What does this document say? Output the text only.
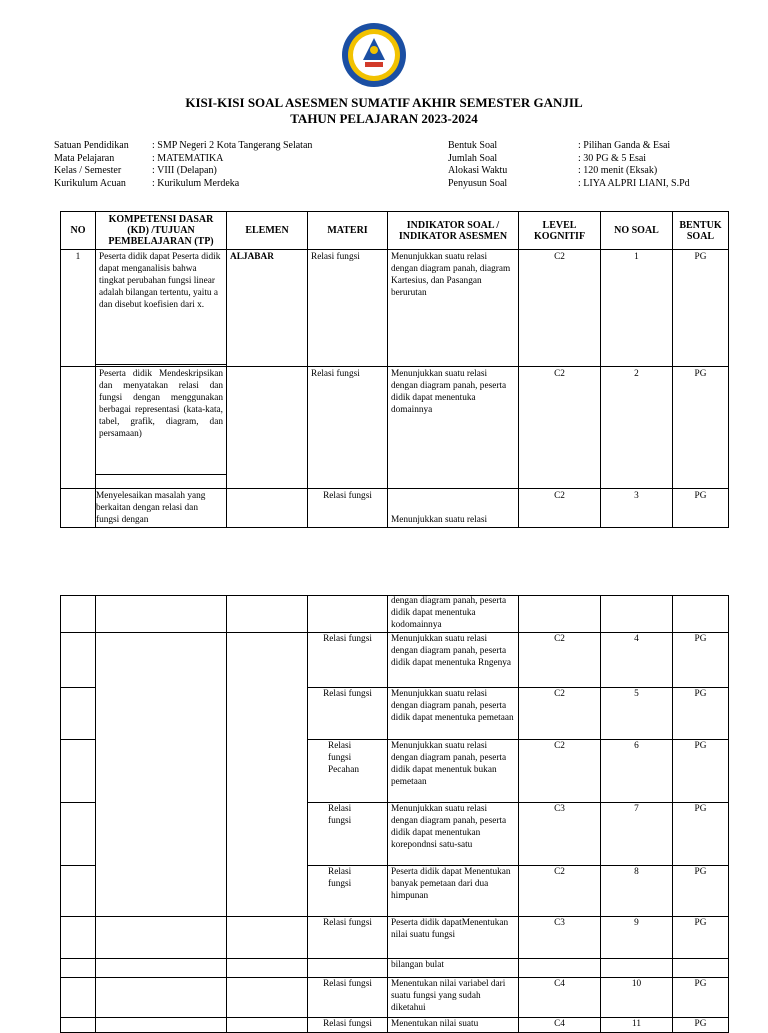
KISI-KISI SOAL ASESMEN SUMATIF AKHIR SEMESTER GANJIL
TAHUN PELAJARAN 2023-2024
Satuan Pendidikan : SMP Negeri 2 Kota Tangerang Selatan
Mata Pelajaran	: MATEMATIKA
Kelas / Semester	: VIII (Delapan)
Kurikulum Acuan	: Kurikulum Merdeka
Bentuk Soal	: Pilihan Ganda & Esai
Jumlah Soal	: 30 PG & 5 Esai
Alokasi Waktu	: 120 menit (Eksak)
Penyusun Soal	: LIYA ALPRI LIANI, S.Pd
NO	KOMPETENSI DASAR (KD) /TUJUAN PEMBELAJARAN (TP)	ELEMEN	MATERI	INDIKATOR SOAL / INDIKATOR ASESMEN	LEVEL KOGNITIF	NO SOAL	BENTUK SOAL
1	Peserta didik dapat Peserta didik dapat menganalisis bahwa tingkat perubahan fungsi linear adalah bilangan tertentu, yaitu a dan disebut koefisien dari x.	ALJABAR	Relasi fungsi	Menunjukkan suatu relasi dengan diagram panah, diagram Kartesius, dan Pasangan berurutan	C2	1	PG

	Peserta didik Mendeskripsikan dan menyatakan relasi dan fungsi dengan menggunakan berbagai representasi (kata-kata, tabel, grafik, diagram, dan persamaan)		Relasi fungsi	Menunjukkan suatu relasi dengan diagram panah, peserta didik dapat menentuka domainnya	C2	2	PG
	Menyelesaikan masalah yang berkaitan dengan relasi dan fungsi dengan		Relasi fungsi	Menunjukkan suatu relasi	C2	3	PG
				dengan diagram panah, peserta didik dapat menentuka kodomainnya			
			Relasi fungsi	Menunjukkan suatu relasi dengan diagram panah, peserta didik dapat menentuka Rngenya	C2	4	PG
			Relasi fungsi	Menunjukkan suatu relasi dengan diagram panah, peserta didik dapat menentuka pemetaan	C2	5	PG
			Relasi fungsi Pecahan	Menunjukkan suatu relasi dengan diagram panah, peserta didik dapat menentuk bukan pemetaan	C2	6	PG
			Relasi fungsi	Menunjukkan suatu relasi dengan diagram panah, peserta didik dapat menentukan korepondnsi satu-satu	C3	7	PG
			Relasi fungsi	Peserta didik dapat Menentukan banyak pemetaan dari dua himpunan	C2	8	PG
			Relasi fungsi	Peserta didik dapatMenentukan nilai suatu fungsi	C3	9	PG
				bilangan bulat			
			Relasi fungsi	Menentukan nilai variabel dari suatu fungsi yang sudah diketahui	C4	10	PG
			Relasi fungsi	Menentukan nilai suatu	C4	11	PG
